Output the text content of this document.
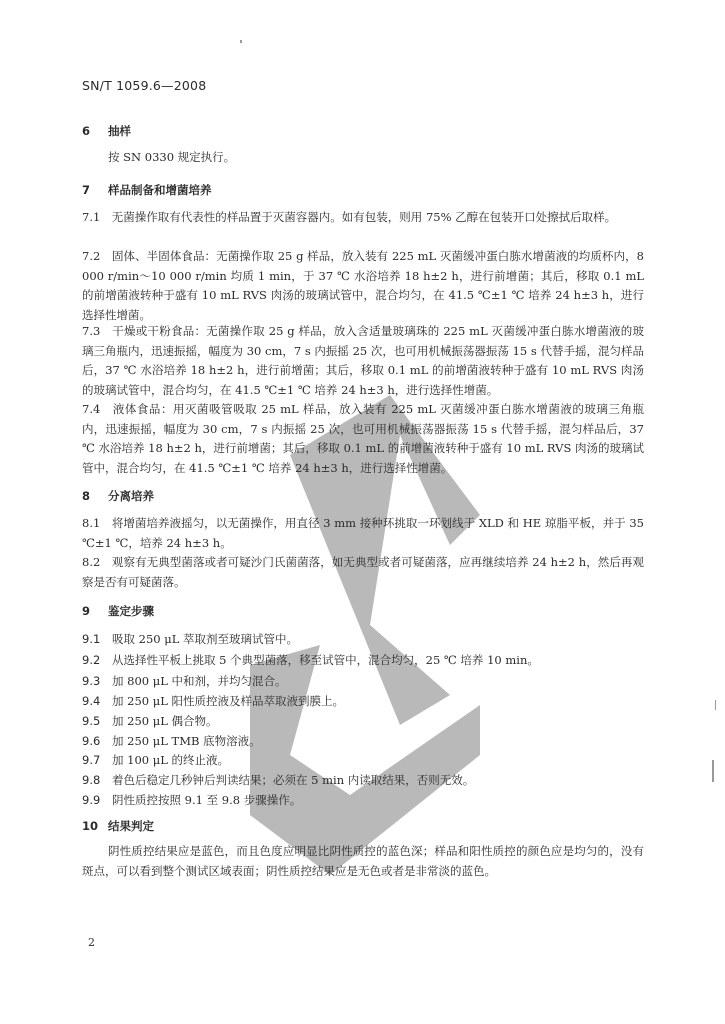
SN/T 1059.6—2008
6 抽样
按 SN 0330 规定执行。
7 样品制备和增菌培养
7.1　无菌操作取有代表性的样品置于灭菌容器内。如有包装，则用 75% 乙醇在包装开口处擦拭后取样。
7.2　固体、半固体食品：无菌操作取 25 g 样品，放入装有 225 mL 灭菌缓冲蛋白胨水增菌液的均质杯内，8 000 r/min～10 000 r/min 均质 1 min，于 37 ℃ 水浴培养 18 h±2 h，进行前增菌；其后，移取 0.1 mL 的前增菌液转种于盛有 10 mL RVS 肉汤的玻璃试管中，混合均匀，在 41.5 ℃±1 ℃ 培养 24 h±3 h，进行选择性增菌。
7.3　干燥或干粉食品：无菌操作取 25 g 样品，放入含适量玻璃珠的 225 mL 灭菌缓冲蛋白胨水增菌液的玻璃三角瓶内，迅速振摇，幅度为 30 cm，7 s 内振摇 25 次，也可用机械振荡器振荡 15 s 代替手摇，混匀样品后，37 ℃ 水浴培养 18 h±2 h，进行前增菌；其后，移取 0.1 mL 的前增菌液转种于盛有 10 mL RVS 肉汤的玻璃试管中，混合均匀，在 41.5 ℃±1 ℃ 培养 24 h±3 h，进行选择性增菌。
7.4　液体食品：用灭菌吸管吸取 25 mL 样品，放入装有 225 mL 灭菌缓冲蛋白胨水增菌液的玻璃三角瓶内，迅速振摇，幅度为 30 cm，7 s 内振摇 25 次，也可用机械振荡器振荡 15 s 代替手摇，混匀样品后，37 ℃ 水浴培养 18 h±2 h，进行前增菌；其后，移取 0.1 mL 的前增菌液转种于盛有 10 mL RVS 肉汤的玻璃试管中，混合均匀，在 41.5 ℃±1 ℃ 培养 24 h±3 h，进行选择性增菌。
8 分离培养
8.1　将增菌培养液摇匀，以无菌操作，用直径 3 mm 接种环挑取一环划线于 XLD 和 HE 琼脂平板，并于 35 ℃±1 ℃，培养 24 h±3 h。
8.2　观察有无典型菌落或者可疑沙门氏菌菌落，如无典型或者可疑菌落，应再继续培养 24 h±2 h，然后再观察是否有可疑菌落。
9 鉴定步骤
9.1 吸取 250 μL 萃取剂至玻璃试管中。
9.2 从选择性平板上挑取 5 个典型菌落，移至试管中，混合均匀，25 ℃ 培养 10 min。
9.3 加 800 μL 中和剂，并均匀混合。
9.4 加 250 μL 阳性质控液及样品萃取液到膜上。
9.5 加 250 μL 偶合物。
9.6 加 250 μL TMB 底物溶液。
9.7 加 100 μL 的终止液。
9.8 着色后稳定几秒钟后判读结果；必须在 5 min 内读取结果，否则无效。
9.9 阴性质控按照 9.1 至 9.8 步骤操作。
10 结果判定
阴性质控结果应是蓝色，而且色度应明显比阴性质控的蓝色深；样品和阳性质控的颜色应是均匀的，没有斑点，可以看到整个测试区域表面；阴性质控结果应是无色或者是非常淡的蓝色。
2
